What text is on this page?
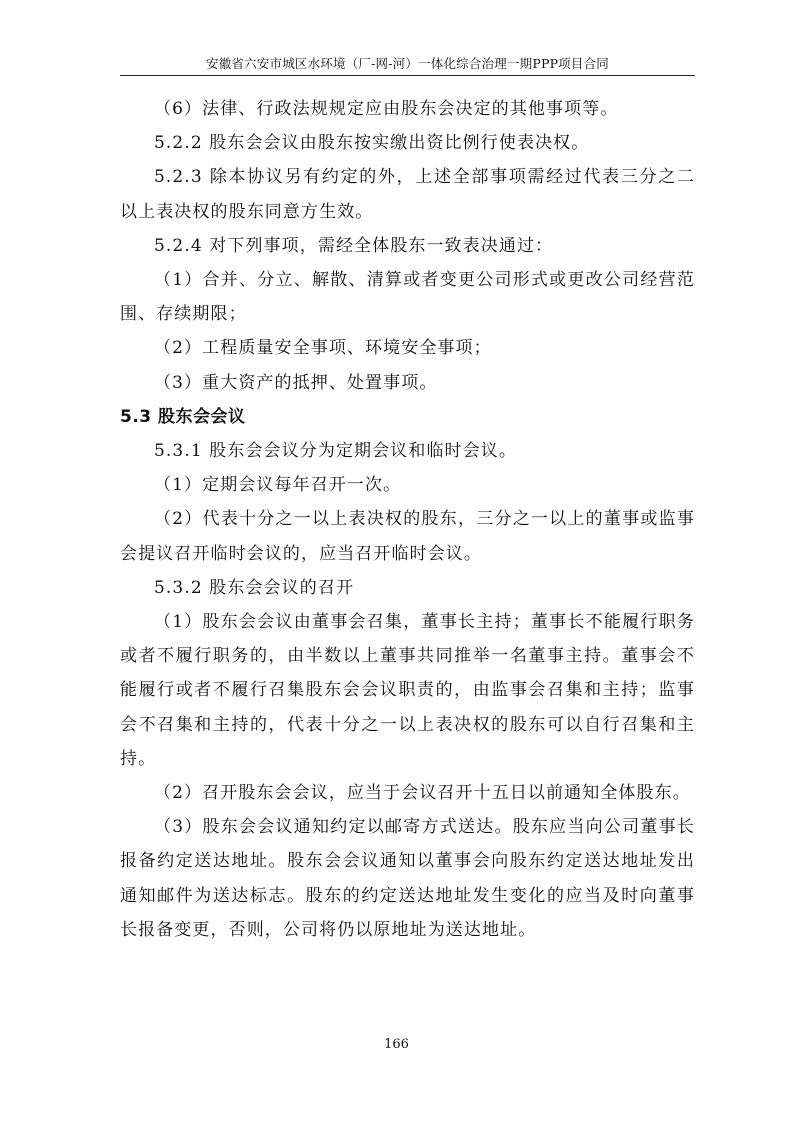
安徽省六安市城区水环境（厂-网-河）一体化综合治理一期PPP项目合同

（6）法律、行政法规规定应由股东会决定的其他事项等。

5.2.2 股东会会议由股东按实缴出资比例行使表决权。

5.2.3 除本协议另有约定的外，上述全部事项需经过代表三分之二以上表决权的股东同意方生效。

5.2.4 对下列事项，需经全体股东一致表决通过：

（1）合并、分立、解散、清算或者变更公司形式或更改公司经营范围、存续期限；

（2）工程质量安全事项、环境安全事项；

（3）重大资产的抵押、处置事项。

5.3 股东会会议

5.3.1 股东会会议分为定期会议和临时会议。

（1）定期会议每年召开一次。

（2）代表十分之一以上表决权的股东，三分之一以上的董事或监事会提议召开临时会议的，应当召开临时会议。

5.3.2 股东会会议的召开

（1）股东会会议由董事会召集，董事长主持；董事长不能履行职务或者不履行职务的，由半数以上董事共同推举一名董事主持。董事会不能履行或者不履行召集股东会会议职责的，由监事会召集和主持；监事会不召集和主持的，代表十分之一以上表决权的股东可以自行召集和主持。

（2）召开股东会会议，应当于会议召开十五日以前通知全体股东。

（3）股东会会议通知约定以邮寄方式送达。股东应当向公司董事长报备约定送达地址。股东会会议通知以董事会向股东约定送达地址发出通知邮件为送达标志。股东的约定送达地址发生变化的应当及时向董事长报备变更，否则，公司将仍以原地址为送达地址。

166
